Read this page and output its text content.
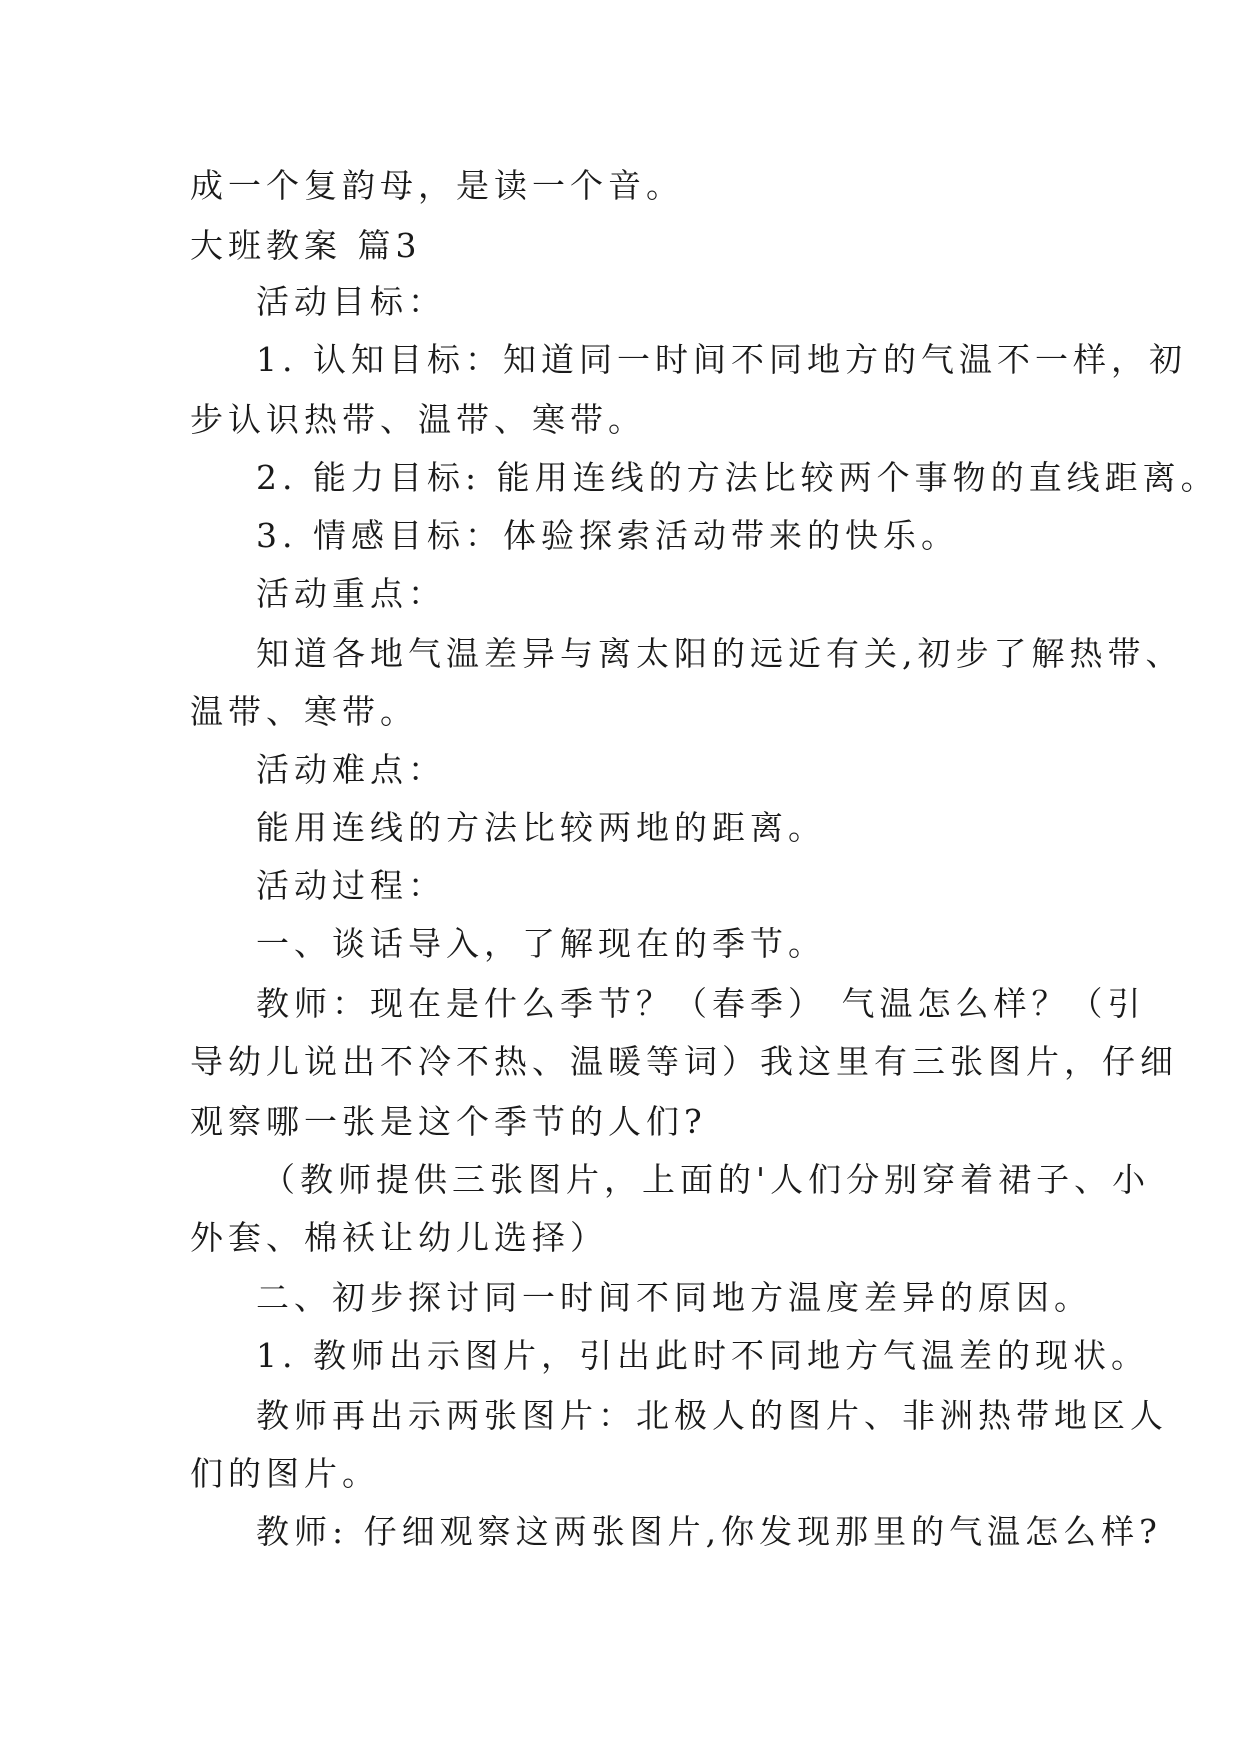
成一个复韵母，是读一个音。
大班教案 篇3
活动目标：
1. 认知目标：知道同一时间不同地方的气温不一样，初
步认识热带、温带、寒带。
2. 能力目标: 能用连线的方法比较两个事物的直线距离。
3. 情感目标：体验探索活动带来的快乐。
活动重点：
知道各地气温差异与离太阳的远近有关,初步了解热带、
温带、寒带。
活动难点：
能用连线的方法比较两地的距离。
活动过程：
一、谈话导入，了解现在的季节。
教师：现在是什么季节？（春季） 气温怎么样？（引
导幼儿说出不冷不热、温暖等词）我这里有三张图片，仔细
观察哪一张是这个季节的人们?
（教师提供三张图片，上面的'人们分别穿着裙子、小
外套、棉袄让幼儿选择）
二、初步探讨同一时间不同地方温度差异的原因。
1. 教师出示图片，引出此时不同地方气温差的现状。
教师再出示两张图片：北极人的图片、非洲热带地区人
们的图片。
教师: 仔细观察这两张图片,你发现那里的气温怎么样?
